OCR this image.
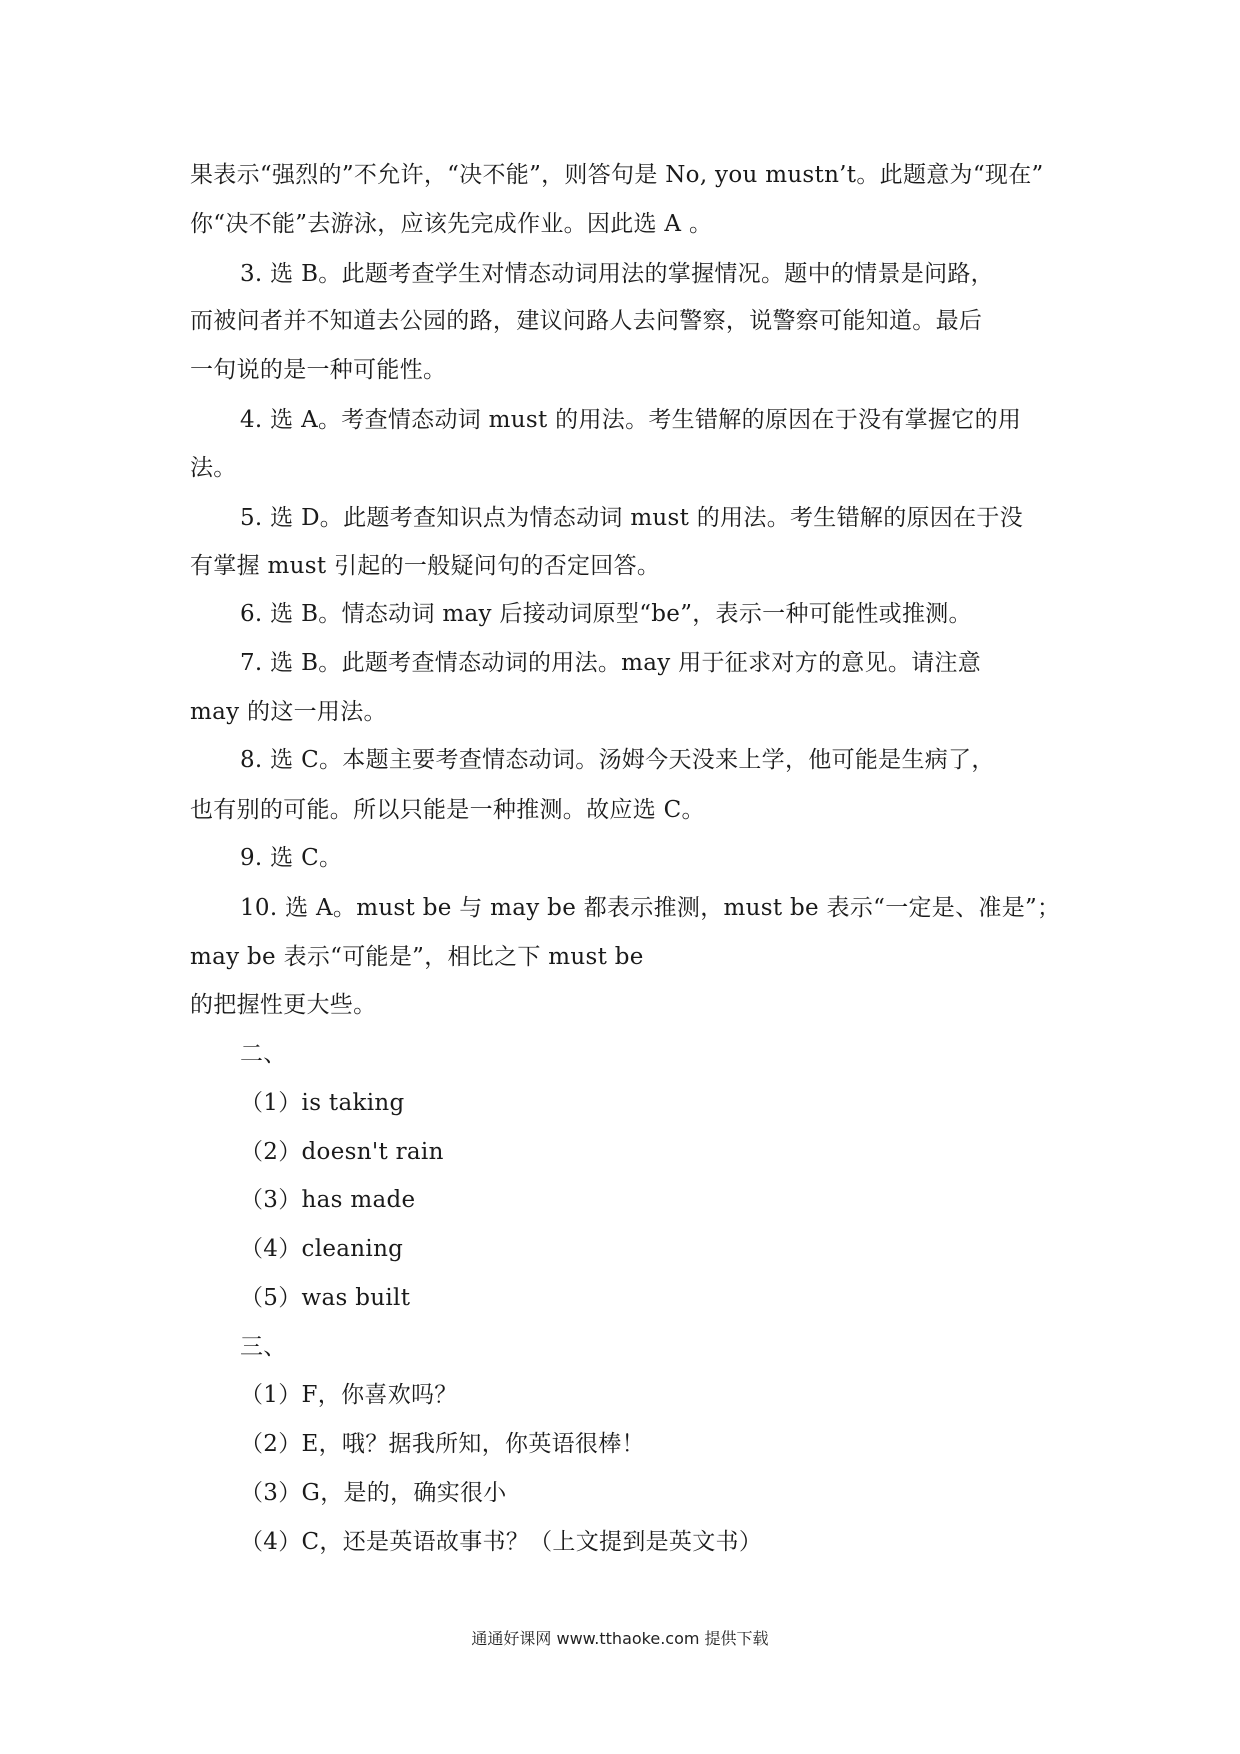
果表示“强烈的”不允许，“决不能”，则答句是 No, you mustn’t。此题意为“现在”
你“决不能”去游泳，应该先完成作业。因此选 A 。
3. 选 B。此题考查学生对情态动词用法的掌握情况。题中的情景是问路，
而被问者并不知道去公园的路，建议问路人去问警察，说警察可能知道。最后
一句说的是一种可能性。
4. 选 A。考查情态动词 must 的用法。考生错解的原因在于没有掌握它的用
法。
5. 选 D。此题考查知识点为情态动词 must 的用法。考生错解的原因在于没
有掌握 must 引起的一般疑问句的否定回答。
6. 选 B。情态动词 may 后接动词原型“be”，表示一种可能性或推测。
7. 选 B。此题考查情态动词的用法。may 用于征求对方的意见。请注意
may 的这一用法。
8. 选 C。本题主要考查情态动词。汤姆今天没来上学，他可能是生病了，
也有别的可能。所以只能是一种推测。故应选 C。
9. 选 C。
10. 选 A。must be 与 may be 都表示推测，must be 表示“一定是、准是”；
may be 表示“可能是”，相比之下 must be
的把握性更大些。
二、
（1）is taking
（2）doesn't rain
（3）has made
（4）cleaning
（5）was built
三、
（1）F，你喜欢吗？
（2）E，哦？据我所知，你英语很棒！
（3）G，是的，确实很小
（4）C，还是英语故事书？（上文提到是英文书）
通通好课网 www.tthaoke.com 提供下载
